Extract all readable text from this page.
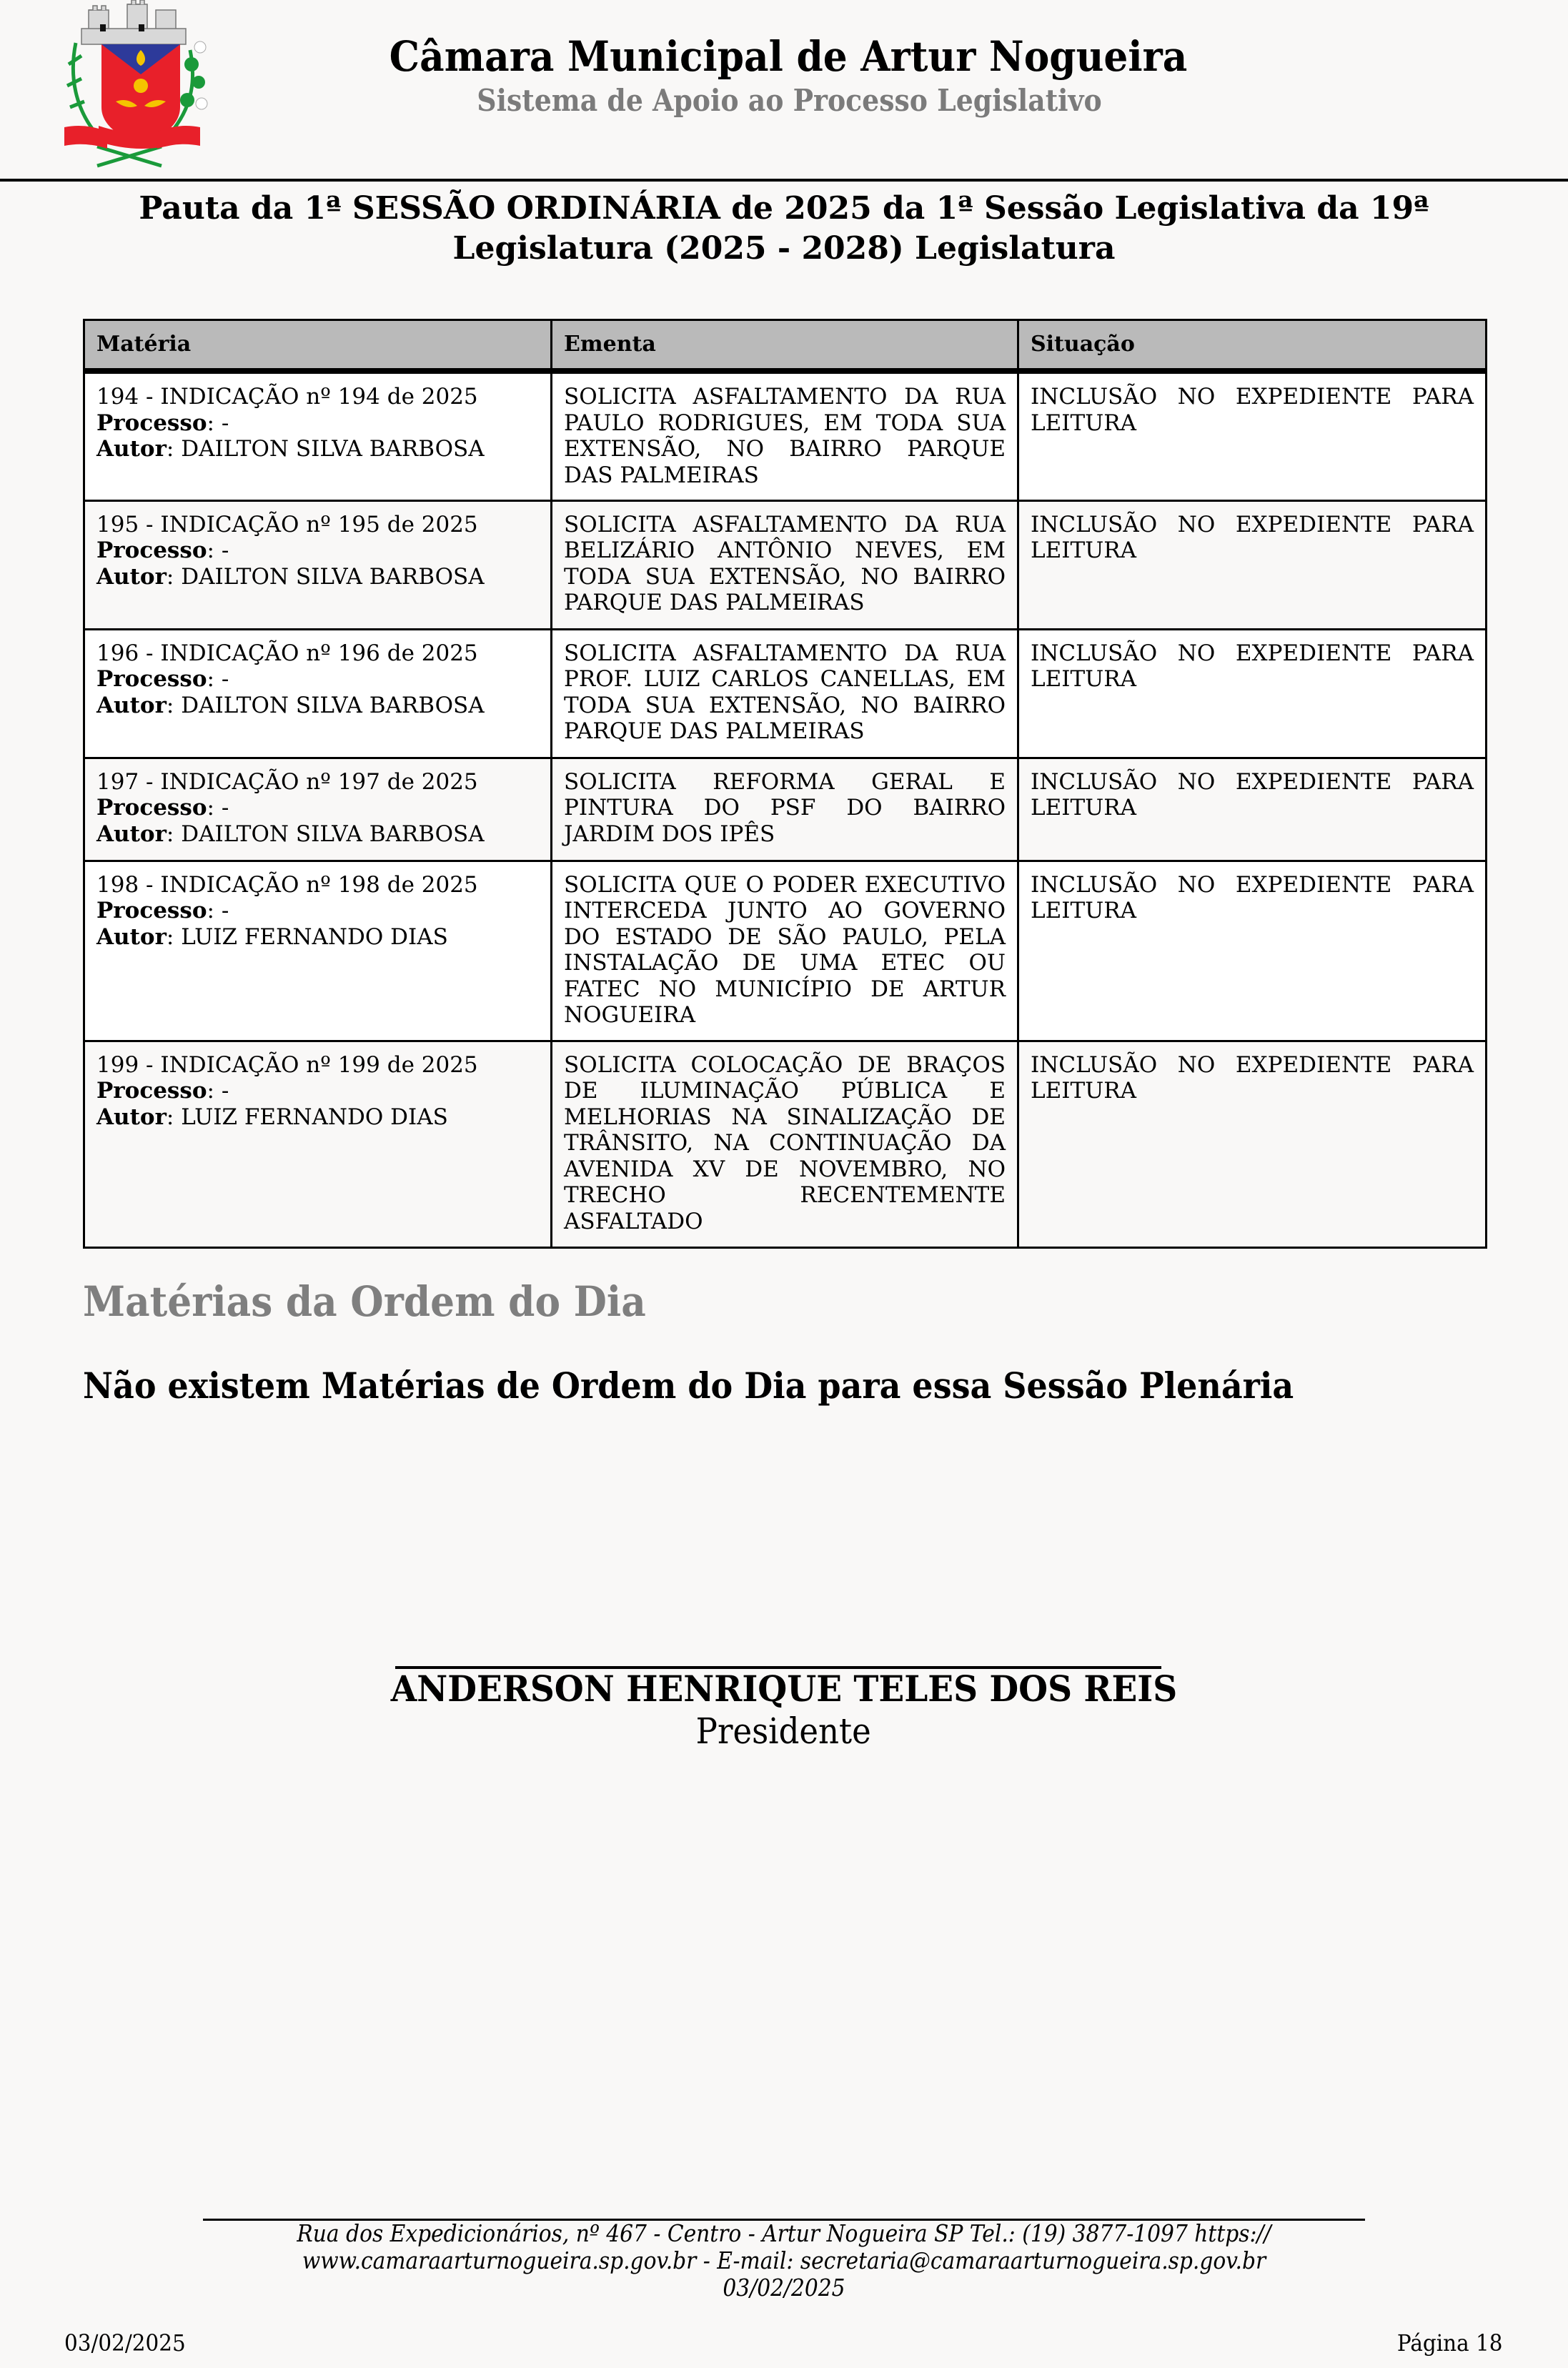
Câmara Municipal de Artur Nogueira
Sistema de Apoio ao Processo Legislativo
Pauta da 1ª SESSÃO ORDINÁRIA de 2025 da 1ª Sessão Legislativa da 19ª Legislatura (2025 - 2028) Legislatura
Matéria	Ementa	Situação

194 - INDICAÇÃO nº 194 de 2025
Processo: -
Autor: DAILTON SILVA BARBOSA	SOLICITA ASFALTAMENTO DA RUA PAULO RODRIGUES, EM TODA SUA EXTENSÃO, NO BAIRRO PARQUE DAS PALMEIRAS	INCLUSÃO NO EXPEDIENTE PARA LEITURA

195 - INDICAÇÃO nº 195 de 2025
Processo: -
Autor: DAILTON SILVA BARBOSA	SOLICITA ASFALTAMENTO DA RUA BELIZÁRIO ANTÔNIO NEVES, EM TODA SUA EXTENSÃO, NO BAIRRO PARQUE DAS PALMEIRAS	INCLUSÃO NO EXPEDIENTE PARA LEITURA

196 - INDICAÇÃO nº 196 de 2025
Processo: -
Autor: DAILTON SILVA BARBOSA	SOLICITA ASFALTAMENTO DA RUA PROF. LUIZ CARLOS CANELLAS, EM TODA SUA EXTENSÃO, NO BAIRRO PARQUE DAS PALMEIRAS	INCLUSÃO NO EXPEDIENTE PARA LEITURA

197 - INDICAÇÃO nº 197 de 2025
Processo: -
Autor: DAILTON SILVA BARBOSA	SOLICITA REFORMA GERAL E PINTURA DO PSF DO BAIRRO JARDIM DOS IPÊS	INCLUSÃO NO EXPEDIENTE PARA LEITURA

198 - INDICAÇÃO nº 198 de 2025
Processo: -
Autor: LUIZ FERNANDO DIAS	SOLICITA QUE O PODER EXECUTIVO INTERCEDA JUNTO AO GOVERNO DO ESTADO DE SÃO PAULO, PELA INSTALAÇÃO DE UMA ETEC OU FATEC NO MUNICÍPIO DE ARTUR NOGUEIRA	INCLUSÃO NO EXPEDIENTE PARA LEITURA

199 - INDICAÇÃO nº 199 de 2025
Processo: -
Autor: LUIZ FERNANDO DIAS	SOLICITA COLOCAÇÃO DE BRAÇOS DE ILUMINAÇÃO PÚBLICA E MELHORIAS NA SINALIZAÇÃO DE TRÂNSITO, NA CONTINUAÇÃO DA AVENIDA XV DE NOVEMBRO, NO TRECHO RECENTEMENTE ASFALTADO	INCLUSÃO NO EXPEDIENTE PARA LEITURA
Matérias da Ordem do Dia
Não existem Matérias de Ordem do Dia para essa Sessão Plenária
ANDERSON HENRIQUE TELES DOS REIS
Presidente
Rua dos Expedicionários, nº 467 - Centro - Artur Nogueira SP Tel.: (19) 3877-1097 https://
www.camaraarturnogueira.sp.gov.br - E-mail: secretaria@camaraarturnogueira.sp.gov.br
03/02/2025
03/02/2025	Página 18
